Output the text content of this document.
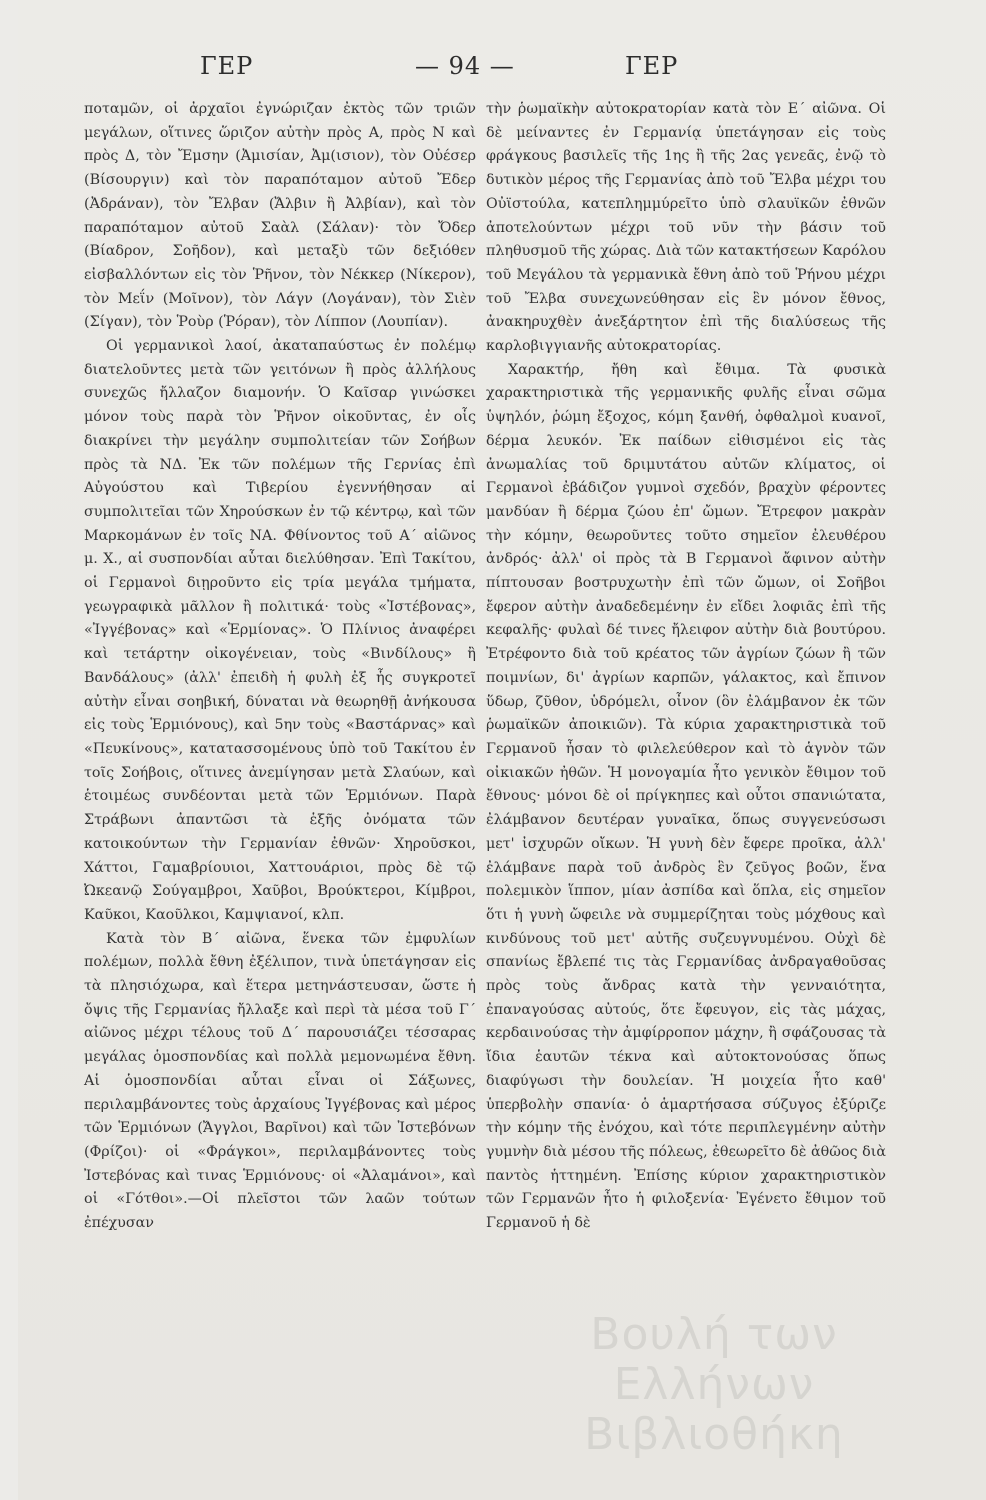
ΓΕΡ	— 94 —	ΓΕΡ

ποταμῶν, οἱ ἀρχαῖοι ἐγνώριζαν ἐκτὸς τῶν τριῶν μεγάλων, οἵτινες ὥριζον αὐτὴν πρὸς Α, πρὸς Ν καὶ πρὸς Δ, τὸν Ἔμσην (Ἀμισίαν, Ἀμ(ισιον), τὸν Οὐέσερ (Βίσουργιν) καὶ τὸν παραπόταμον αὐτοῦ Ἔδερ (Ἀδράναν), τὸν Ἔλβαν (Ἄλβιν ἢ Ἀλβίαν), καὶ τὸν παραπόταμον αὐτοῦ Σαὰλ (Σάλαν)· τὸν Ὄδερ (Βίαδρον, Σοῆδον), καὶ μεταξὺ τῶν δεξιόθεν εἰσβαλλόντων εἰς τὸν Ῥῆνον, τὸν Νέκκερ (Νίκερον), τὸν Μεΐν (Μοῖνον), τὸν Λάγν (Λογάναν), τὸν Σιὲν (Σίγαν), τὸν Ῥοὺρ (Ῥόραν), τὸν Λίππον (Λουπίαν).

Οἱ γερμανικοὶ λαοί, ἀκαταπαύστως ἐν πολέμῳ διατελοῦντες μετὰ τῶν γειτόνων ἢ πρὸς ἀλλήλους συνεχῶς ἤλλαζον διαμονήν. Ὁ Καῖσαρ γινώσκει μόνον τοὺς παρὰ τὸν Ῥῆνον οἰκοῦντας, ἐν οἷς διακρίνει τὴν μεγάλην συμπολιτείαν τῶν Σοήβων πρὸς τὰ ΝΔ. Ἐκ τῶν πολέμων τῆς Γερνίας ἐπὶ Αὐγούστου καὶ Τιβερίου ἐγεννήθησαν αἱ συμπολιτεῖαι τῶν Χηρούσκων ἐν τῷ κέντρῳ, καὶ τῶν Μαρκομάνων ἐν τοῖς ΝΑ. Φθίνοντος τοῦ Α΄ αἰῶνος μ. Χ., αἱ συσπονδίαι αὗται διελύθησαν. Ἐπὶ Τακίτου, οἱ Γερμανοὶ διῃροῦντο εἰς τρία μεγάλα τμήματα, γεωγραφικὰ μᾶλλον ἢ πολιτικά· τοὺς «Ἰστέβονας», «Ἰγγέβονας» καὶ «Ἑρμίονας». Ὁ Πλίνιος ἀναφέρει καὶ τετάρτην οἰκογένειαν, τοὺς «Βινδίλους» ἢ Βανδάλους» (ἀλλ' ἐπειδὴ ἡ φυλὴ ἐξ ἧς συγκροτεῖ αὐτὴν εἶναι σοηβική, δύναται νὰ θεωρηθῇ ἀνήκουσα εἰς τοὺς Ἑρμιόνους), καὶ 5ην τοὺς «Βαστάρνας» καὶ «Πευκίνους», κατατασσομένους ὑπὸ τοῦ Τακίτου ἐν τοῖς Σοήβοις, οἵτινες ἀνεμίγησαν μετὰ Σλαύων, καὶ ἑτοιμέως συνδέονται μετὰ τῶν Ἑρμιόνων. Παρὰ Στράβωνι ἀπαντῶσι τὰ ἑξῆς ὀνόματα τῶν κατοικούντων τὴν Γερμανίαν ἐθνῶν· Χηροῦσκοι, Χάττοι, Γαμαβρίουιοι, Χαττουάριοι, πρὸς δὲ τῷ Ὠκεανῷ Σούγαμβροι, Χαῦβοι, Βρούκτεροι, Κίμβροι, Καῦκοι, Καοῦλκοι, Καμψιανοί, κλπ.

Κατὰ τὸν Β΄ αἰῶνα, ἕνεκα τῶν ἐμφυλίων πολέμων, πολλὰ ἔθνη ἐξέλιπον, τινὰ ὑπετάγησαν εἰς τὰ πλησιόχωρα, καὶ ἕτερα μετηνάστευσαν, ὥστε ἡ ὄψις τῆς Γερμανίας ἤλλαξε καὶ περὶ τὰ μέσα τοῦ Γ΄ αἰῶνος μέχρι τέλους τοῦ Δ΄ παρουσιάζει τέσσαρας μεγάλας ὁμοσπονδίας καὶ πολλὰ μεμονωμένα ἔθνη. Αἱ ὁμοσπονδίαι αὗται εἶναι οἱ Σάξωνες, περιλαμβάνοντες τοὺς ἀρχαίους Ἰγγέβονας καὶ μέρος τῶν Ἑρμιόνων (Ἄγγλοι, Βαρῖνοι) καὶ τῶν Ἰστεβόνων (Φρίζοι)· οἱ «Φράγκοι», περιλαμβάνοντες τοὺς Ἰστεβόνας καὶ τινας Ἑρμιόνους· οἱ «Ἀλαμάνοι», καὶ οἱ «Γότθοι».—Οἱ πλεῖστοι τῶν λαῶν τούτων ἐπέχυσαν

τὴν ῥωμαϊκὴν αὐτοκρατορίαν κατὰ τὸν Ε΄ αἰῶνα. Οἱ δὲ μείναντες ἐν Γερμανίᾳ ὑπετάγησαν εἰς τοὺς φράγκους βασιλεῖς τῆς 1ης ἢ τῆς 2ας γενεᾶς, ἐνῷ τὸ δυτικὸν μέρος τῆς Γερμανίας ἀπὸ τοῦ Ἔλβα μέχρι του Οὐϊστούλα, κατεπλημμύρεῖτο ὑπὸ σλαυϊκῶν ἐθνῶν ἀποτελούντων μέχρι τοῦ νῦν τὴν βάσιν τοῦ πληθυσμοῦ τῆς χώρας. Διὰ τῶν κατακτήσεων Καρόλου τοῦ Μεγάλου τὰ γερμανικὰ ἔθνη ἀπὸ τοῦ Ῥήνου μέχρι τοῦ Ἔλβα συνεχωνεύθησαν εἰς ἓν μόνον ἔθνος, ἀνακηρυχθὲν ἀνεξάρτητον ἐπὶ τῆς διαλύσεως τῆς καρλοβιγγιανῆς αὐτοκρατορίας.

Χαρακτήρ, ἤθη καὶ ἔθιμα. Τὰ φυσικὰ χαρακτηριστικὰ τῆς γερμανικῆς φυλῆς εἶναι σῶμα ὑψηλόν, ῥώμη ἔξοχος, κόμη ξανθή, ὀφθαλμοὶ κυανοῖ, δέρμα λευκόν. Ἐκ παίδων εἰθισμένοι εἰς τὰς ἀνωμαλίας τοῦ δριμυτάτου αὐτῶν κλίματος, οἱ Γερμανοὶ ἐβάδιζον γυμνοὶ σχεδόν, βραχὺν φέροντες μανδύαν ἢ δέρμα ζώου ἐπ' ὤμων. Ἔτρεφον μακρὰν τὴν κόμην, θεωροῦντες τοῦτο σημεῖον ἐλευθέρου ἀνδρός· ἀλλ' οἱ πρὸς τὰ Β Γερμανοὶ ἄφινον αὐτὴν πίπτουσαν βοστρυχωτὴν ἐπὶ τῶν ὤμων, οἱ Σοῆβοι ἔφερον αὐτὴν ἀναδεδεμένην ἐν εἴδει λοφιᾶς ἐπὶ τῆς κεφαλῆς· φυλαὶ δέ τινες ἤλειφον αὐτὴν διὰ βουτύρου. Ἐτρέφοντο διὰ τοῦ κρέατος τῶν ἀγρίων ζώων ἢ τῶν ποιμνίων, δι' ἀγρίων καρπῶν, γάλακτος, καὶ ἔπινον ὕδωρ, ζῦθον, ὑδρόμελι, οἶνον (ὃν ἐλάμβανον ἐκ τῶν ῥωμαϊκῶν ἀποικιῶν). Τὰ κύρια χαρακτηριστικὰ τοῦ Γερμανοῦ ἦσαν τὸ φιλελεύθερον καὶ τὸ ἁγνὸν τῶν οἰκιακῶν ἠθῶν. Ἡ μονογαμία ἦτο γενικὸν ἔθιμον τοῦ ἔθνους· μόνοι δὲ οἱ πρίγκηπες καὶ οὗτοι σπανιώτατα, ἐλάμβανον δευτέραν γυναῖκα, ὅπως συγγενεύσωσι μετ' ἰσχυρῶν οἴκων. Ἡ γυνὴ δὲν ἔφερε προῖκα, ἀλλ' ἐλάμβανε παρὰ τοῦ ἀνδρὸς ἓν ζεῦγος βοῶν, ἕνα πολεμικὸν ἵππον, μίαν ἀσπίδα καὶ ὅπλα, εἰς σημεῖον ὅτι ἡ γυνὴ ὤφειλε νὰ συμμερίζηται τοὺς μόχθους καὶ κινδύνους τοῦ μετ' αὐτῆς συζευγνυμένου. Οὐχὶ δὲ σπανίως ἔβλεπέ τις τὰς Γερμανίδας ἀνδραγαθοῦσας πρὸς τοὺς ἄνδρας κατὰ τὴν γενναιότητα, ἐπαναγούσας αὐτούς, ὅτε ἔφευγον, εἰς τὰς μάχας, κερδαινούσας τὴν ἀμφίρροπον μάχην, ἢ σφάζουσας τὰ ἴδια ἑαυτῶν τέκνα καὶ αὐτοκτονούσας ὅπως διαφύγωσι τὴν δουλείαν. Ἡ μοιχεία ἦτο καθ' ὑπερβολὴν σπανία· ὁ ἁμαρτήσασα σύζυγος ἐξύριζε τὴν κόμην τῆς ἐνόχου, καὶ τότε περιπλεγμένην αὐτὴν γυμνὴν διὰ μέσου τῆς πόλεως, ἐθεωρεῖτο δὲ ἀθῶος διὰ παντὸς ἡττημένη. Ἐπίσης κύριον χαρακτηριστικὸν τῶν Γερμανῶν ἦτο ἡ φιλοξενία· Ἐγένετο ἔθιμον τοῦ Γερμανοῦ ἡ δὲ

Βουλή των Ελλήνων Βιβλιοθήκη
